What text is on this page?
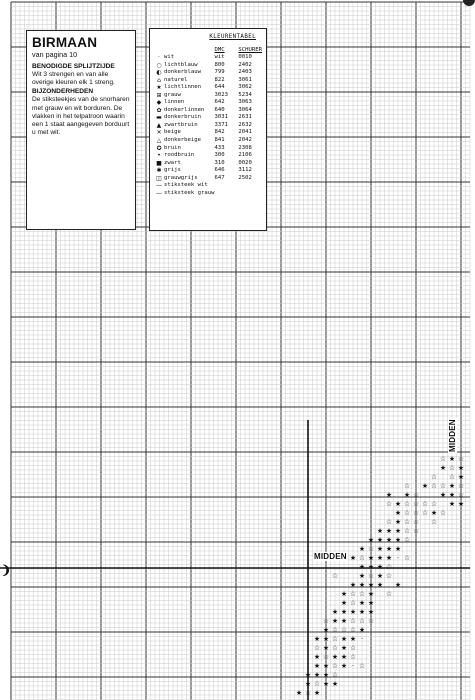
☆ ★ ☆
★ ☆ ★
☆ ☆ ★
★ ☆ ☆ ★ ☆
☆
★ ★ ☆	★ ★ ☆
☆ ★ ☆ ☆ ☆ ☆ ★ ★
★ ☆ ☆ ☆ ★ ☆
☆ ★ ☆ ☆ ☆
★ ★ ★ ☆ ☆
★ ★ ★ ★ ☆
★ ☆ ★ ★ ★
★ ☆ ★ ★ ★ · ☆
★ ★ ★ ☆
☆	★ ☆ ★ ☆
★ ★ ★ ★ ★
★ ☆ ☆ ★ ☆
★ ☆ ★ ★
★ ★ ★ ★ ★
☆ ★ ★ ☆ ☆ ☆
★ ☆ ☆ ☆ ★
★ ★ ☆ ★ ★ ·
☆ ★ ☆ ★ ☆
★ ☆ ★ ★ ☆
★ ★ ☆ ★ · ☆
★ ★ ★ ☆
★ ☆ ★ ★
★ ☆ ★
❩
BIRMAAN
van pagina 10
BENODIGDE SPLIJTZIJDE
Wit 3 strengen en van alle overige kleuren elk 1 streng.
BIJZONDERHEDEN
De stiksteekjes van de snorharen met grauw en wit borduren. De vlakken in het telpatroon waarin een 1 staat aangegeven borduurt u met wit.
KLEURENTABEL
		DMC	SCHURER
·	wit	wit	0010
○	lichtblauw	800	2402
◐	donkerblauw	799	2403
⌂	naturel	822	3061
★	lichtlinnen	644	3062
⊞	grauw	3023	5234
◆	linnen	642	3063
✿	donkerlinnen	640	3064
▬	donkerbruin	3031	2631
▲	zwartbruin	3371	2632
✕	beige	842	2041
△	donkerbeige	841	2042
✪	bruin	433	2308
•	roodbruin	300	2106
■	zwart	310	0020
✱	grijs	646	3112
◫	grauwgrijs	647	2502
—	stiksteek wit		
—	stiksteek grauw		
MIDDEN
MIDDEN
